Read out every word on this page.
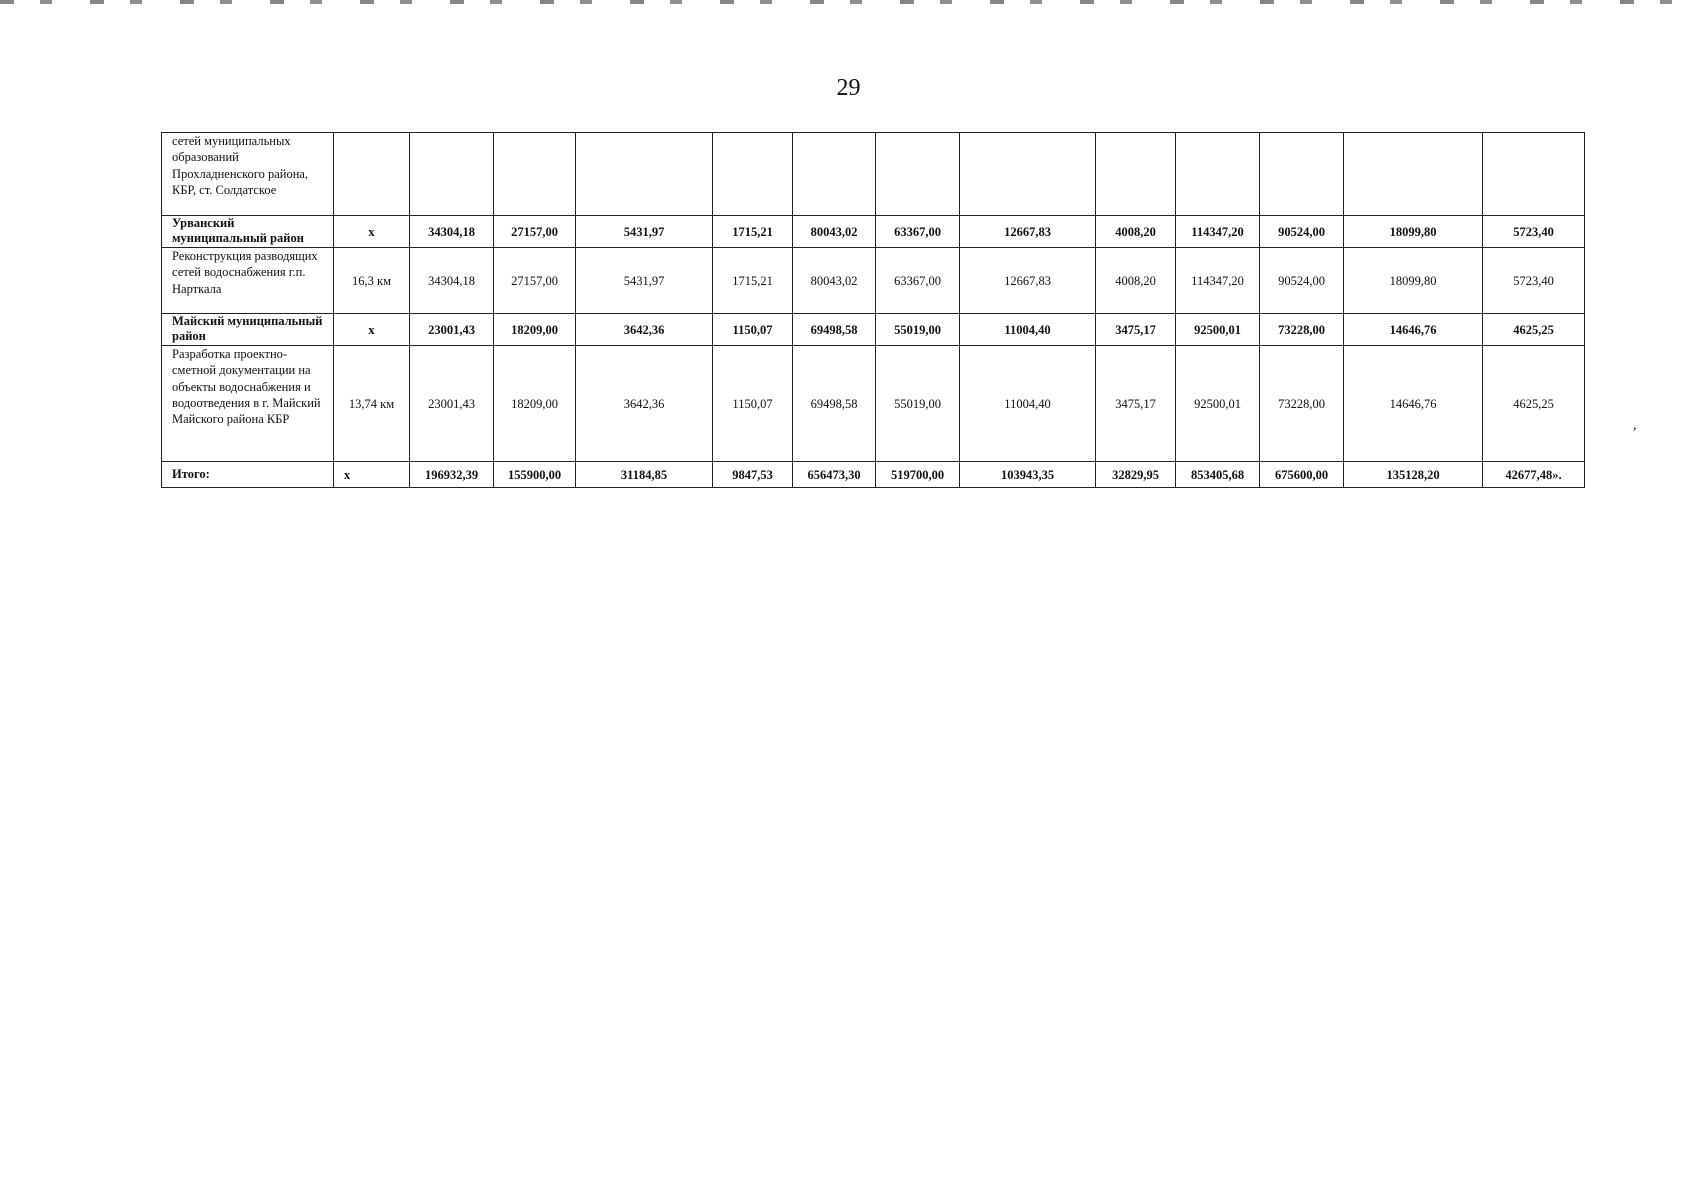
29
сетей муниципальных образований Прохладненского района, КБР, ст. Солдатское													
Урванский муниципальный район	х	34304,18	27157,00	5431,97	1715,21	80043,02	63367,00	12667,83	4008,20	114347,20	90524,00	18099,80	5723,40
Реконструкция разводящих сетей водоснабжения г.п. Нарткала	16,3 км	34304,18	27157,00	5431,97	1715,21	80043,02	63367,00	12667,83	4008,20	114347,20	90524,00	18099,80	5723,40
Майский муниципальный район	х	23001,43	18209,00	3642,36	1150,07	69498,58	55019,00	11004,40	3475,17	92500,01	73228,00	14646,76	4625,25
Разработка проектно-сметной документации на объекты водоснабжения и водоотведения в г. Майский Майского района КБР	13,74 км	23001,43	18209,00	3642,36	1150,07	69498,58	55019,00	11004,40	3475,17	92500,01	73228,00	14646,76	4625,25
Итого:	х	196932,39	155900,00	31184,85	9847,53	656473,30	519700,00	103943,35	32829,95	853405,68	675600,00	135128,20	42677,48».
,
